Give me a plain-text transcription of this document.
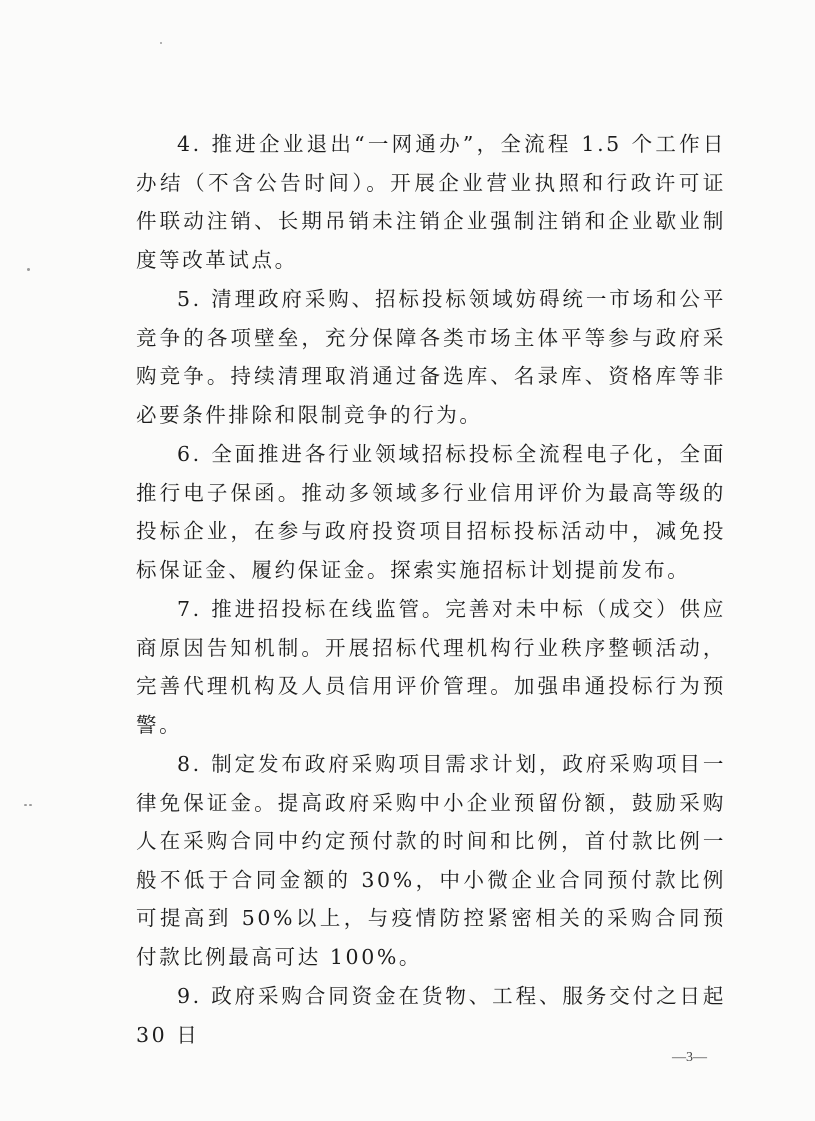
4. 推进企业退出“一网通办”，全流程 1.5 个工作日办结（不含公告时间）。开展企业营业执照和行政许可证件联动注销、长期吊销未注销企业强制注销和企业歇业制度等改革试点。

5. 清理政府采购、招标投标领域妨碍统一市场和公平竞争的各项壁垒，充分保障各类市场主体平等参与政府采购竞争。持续清理取消通过备选库、名录库、资格库等非必要条件排除和限制竞争的行为。

6. 全面推进各行业领域招标投标全流程电子化，全面推行电子保函。推动多领域多行业信用评价为最高等级的投标企业，在参与政府投资项目招标投标活动中，减免投标保证金、履约保证金。探索实施招标计划提前发布。

7. 推进招投标在线监管。完善对未中标（成交）供应商原因告知机制。开展招标代理机构行业秩序整顿活动，完善代理机构及人员信用评价管理。加强串通投标行为预警。

8. 制定发布政府采购项目需求计划，政府采购项目一律免保证金。提高政府采购中小企业预留份额，鼓励采购人在采购合同中约定预付款的时间和比例，首付款比例一般不低于合同金额的 30%，中小微企业合同预付款比例可提高到 50%以上，与疫情防控紧密相关的采购合同预付款比例最高可达 100%。

9. 政府采购合同资金在货物、工程、服务交付之日起 30 日

—3—
